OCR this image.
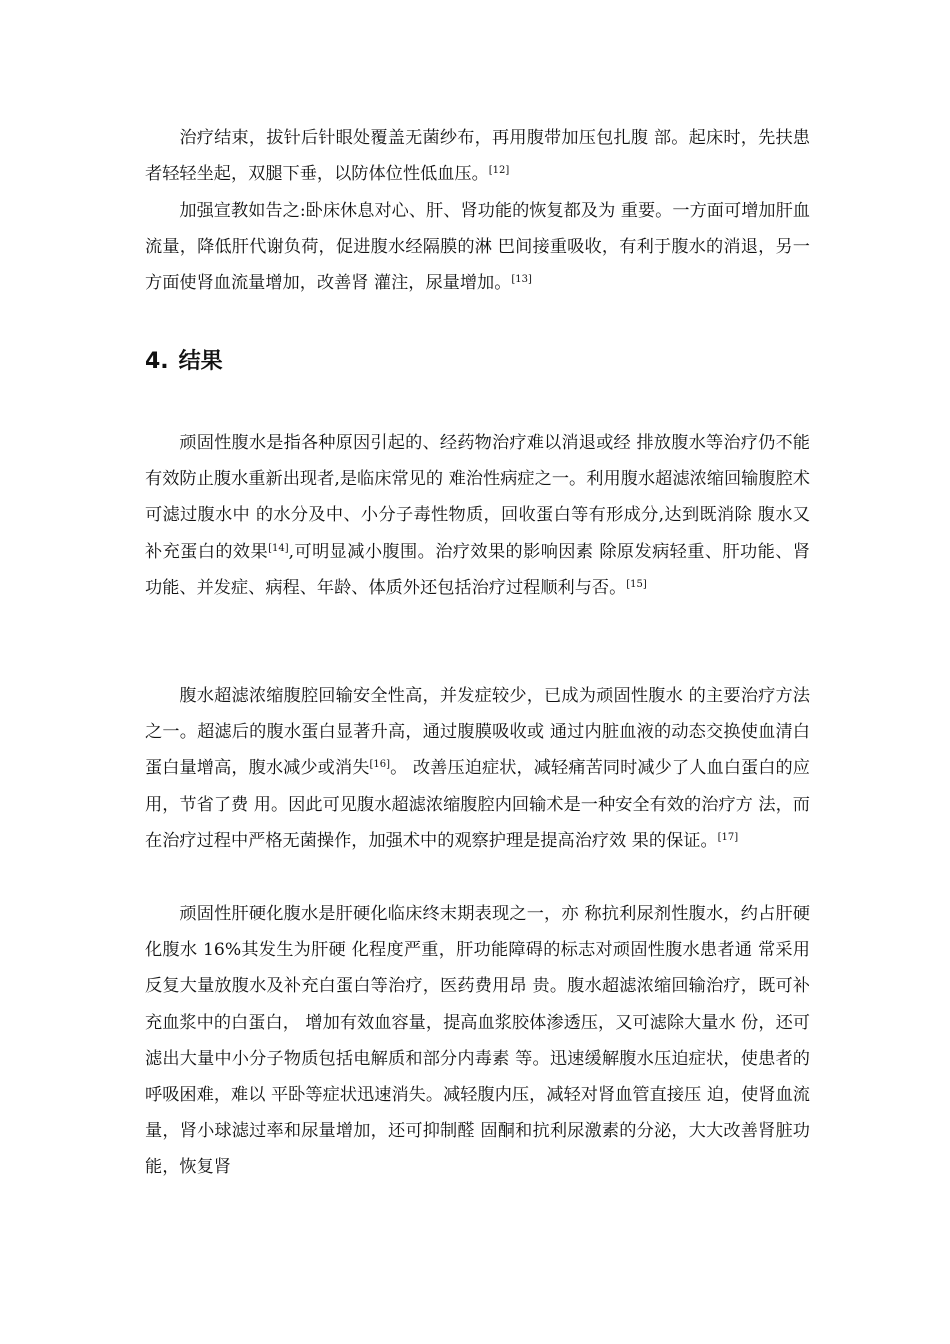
治疗结束，拔针后针眼处覆盖无菌纱布，再用腹带加压包扎腹 部。起床时，先扶患者轻轻坐起，双腿下垂，以防体位性低血压。[12]

加强宣教如告之:卧床休息对心、肝、肾功能的恢复都及为 重要。一方面可增加肝血流量，降低肝代谢负荷，促进腹水经隔膜的淋 巴间接重吸收，有利于腹水的消退，另一方面使肾血流量增加，改善肾 灌注，尿量增加。[13]

4. 结果

顽固性腹水是指各种原因引起的、经药物治疗难以消退或经 排放腹水等治疗仍不能有效防止腹水重新出现者,是临床常见的 难治性病症之一。利用腹水超滤浓缩回输腹腔术可滤过腹水中 的水分及中、小分子毒性物质，回收蛋白等有形成分,达到既消除 腹水又补充蛋白的效果[14],可明显减小腹围。治疗效果的影响因素 除原发病轻重、肝功能、肾功能、并发症、病程、年龄、体质外还包括治疗过程顺利与否。[15]

腹水超滤浓缩腹腔回输安全性高，并发症较少，已成为顽固性腹水 的主要治疗方法之一。超滤后的腹水蛋白显著升高，通过腹膜吸收或 通过内脏血液的动态交换使血清白蛋白量增高，腹水减少或消失[16]。 改善压迫症状，减轻痛苦同时减少了人血白蛋白的应用，节省了费 用。因此可见腹水超滤浓缩腹腔内回输术是一种安全有效的治疗方 法，而在治疗过程中严格无菌操作，加强术中的观察护理是提高治疗效 果的保证。[17]

顽固性肝硬化腹水是肝硬化临床终末期表现之一，亦 称抗利尿剂性腹水，约占肝硬化腹水 16%其发生为肝硬 化程度严重，肝功能障碍的标志对顽固性腹水患者通 常采用反复大量放腹水及补充白蛋白等治疗，医药费用昂 贵。腹水超滤浓缩回输治疗，既可补充血浆中的白蛋白， 增加有效血容量，提高血浆胶体渗透压，又可滤除大量水 份，还可滤出大量中小分子物质包括电解质和部分内毒素 等。迅速缓解腹水压迫症状，使患者的呼吸困难，难以 平卧等症状迅速消失。减轻腹内压，减轻对肾血管直接压 迫，使肾血流量，肾小球滤过率和尿量增加，还可抑制醛 固酮和抗利尿激素的分泌，大大改善肾脏功能，恢复肾
